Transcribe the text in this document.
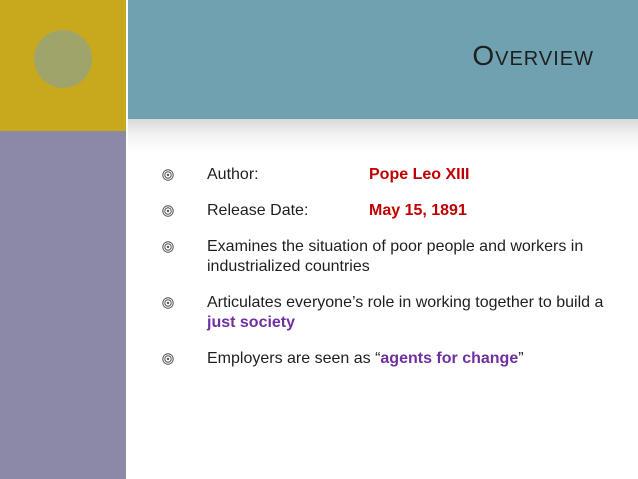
Overview
Author:	Pope Leo XIII
Release Date:	May 15, 1891
Examines the situation of poor people and workers in industrialized countries
Articulates everyone’s role in working together to build a just society
Employers are seen as “agents for change”
